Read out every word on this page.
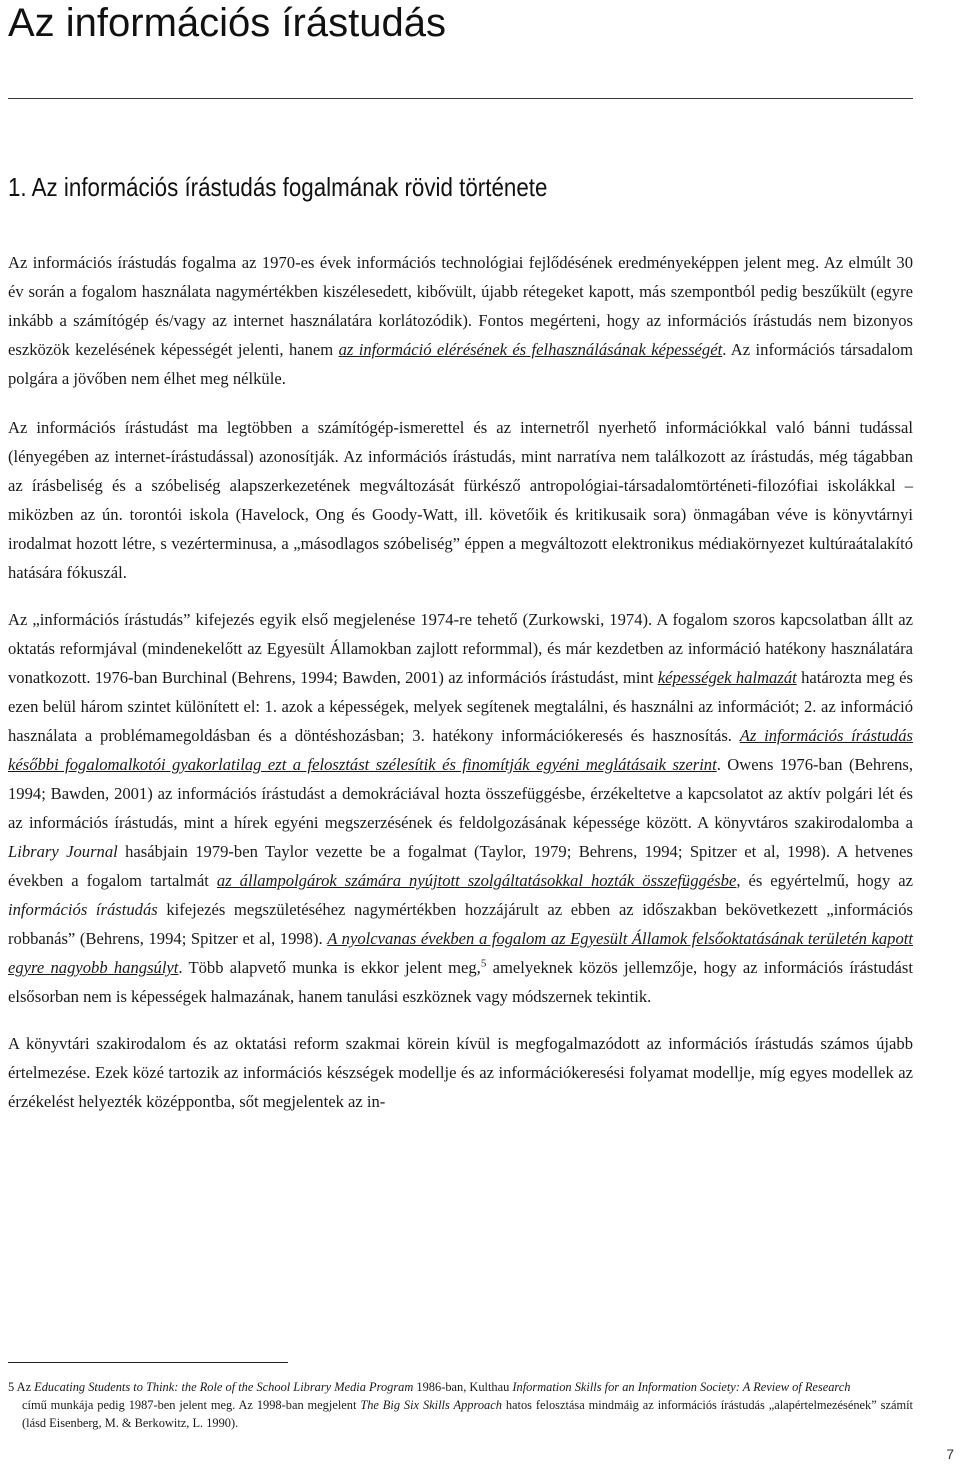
Az információs írástudás
1. Az információs írástudás fogalmának rövid története

Az információs írástudás fogalma az 1970-es évek információs technológiai fejlődésének eredményeképpen jelent meg. Az elmúlt 30 év során a fogalom használata nagymértékben kiszélesedett, kibővült, újabb rétegeket kapott, más szempontból pedig beszűkült (egyre inkább a számítógép és/vagy az internet használatára korlátozódik). Fontos megérteni, hogy az információs írástudás nem bizonyos eszközök kezelésének képességét jelenti, hanem az információ elérésének és felhasználásának képességét. Az információs társadalom polgára a jövőben nem élhet meg nélküle.

Az információs írástudást ma legtöbben a számítógép-ismerettel és az internetről nyerhető információkkal való bánni tudással (lényegében az internet-írástudással) azonosítják. Az információs írástudás, mint narratíva nem találkozott az írástudás, még tágabban az írásbeliség és a szóbeliség alapszerkezetének megváltozását fürkésző antropológiai-társadalomtörténeti-filozófiai iskolákkal – miközben az ún. torontói iskola (Havelock, Ong és Goody-Watt, ill. követőik és kritikusaik sora) önmagában véve is könyvtárnyi irodalmat hozott létre, s vezérterminusa, a „másodlagos szóbeliség” éppen a megváltozott elektronikus médiakörnyezet kultúraátalakító hatására fókuszál.

Az „információs írástudás” kifejezés egyik első megjelenése 1974-re tehető (Zurkowski, 1974). A fogalom szoros kapcsolatban állt az oktatás reformjával (mindenekelőtt az Egyesült Államokban zajlott reformmal), és már kezdetben az információ hatékony használatára vonatkozott. 1976-ban Burchinal (Behrens, 1994; Bawden, 2001) az információs írástudást, mint képességek halmazát határozta meg és ezen belül három szintet különített el: 1. azok a képességek, melyek segítenek megtalálni, és használni az információt; 2. az információ használata a problémamegoldásban és a döntéshozásban; 3. hatékony információkeresés és hasznosítás. Az információs írástudás későbbi fogalomalkotói gyakorlatilag ezt a felosztást szélesítik és finomítják egyéni meglátásaik szerint. Owens 1976-ban (Behrens, 1994; Bawden, 2001) az információs írástudást a demokráciával hozta összefüggésbe, érzékeltetve a kapcsolatot az aktív polgári lét és az információs írástudás, mint a hírek egyéni megszerzésének és feldolgozásának képessége között. A könyvtáros szakirodalomba a Library Journal hasábjain 1979-ben Taylor vezette be a fogalmat (Taylor, 1979; Behrens, 1994; Spitzer et al, 1998). A hetvenes években a fogalom tartalmát az állampolgárok számára nyújtott szolgáltatásokkal hozták összefüggésbe, és egyértelmű, hogy az információs írástudás kifejezés megszületéséhez nagymértékben hozzájárult az ebben az időszakban bekövetkezett „információs robbanás” (Behrens, 1994; Spitzer et al, 1998). A nyolcvanas években a fogalom az Egyesült Államok felsőoktatásának területén kapott egyre nagyobb hangsúlyt. Több alapvető munka is ekkor jelent meg,$^5$ amelyeknek közös jellemzője, hogy az információs írástudást elsősorban nem is képességek halmazának, hanem tanulási eszköznek vagy módszernek tekintik.

A könyvtári szakirodalom és az oktatási reform szakmai körein kívül is megfogalmazódott az információs írástudás számos újabb értelmezése. Ezek közé tartozik az információs készségek modellje és az információkeresési folyamat modellje, míg egyes modellek az érzékelést helyezték középpontba, sőt megjelentek az in-

5 Az Educating Students to Think: the Role of the School Library Media Program 1986-ban, Kulthau Information Skills for an Information Society: A Review of Research
című munkája pedig 1987-ben jelent meg. Az 1998-ban megjelent The Big Six Skills Approach hatos felosztása mindmáig az információs írástudás „alapértelmezésének” számít (lásd Eisenberg, M. & Berkowitz, L. 1990).
7
